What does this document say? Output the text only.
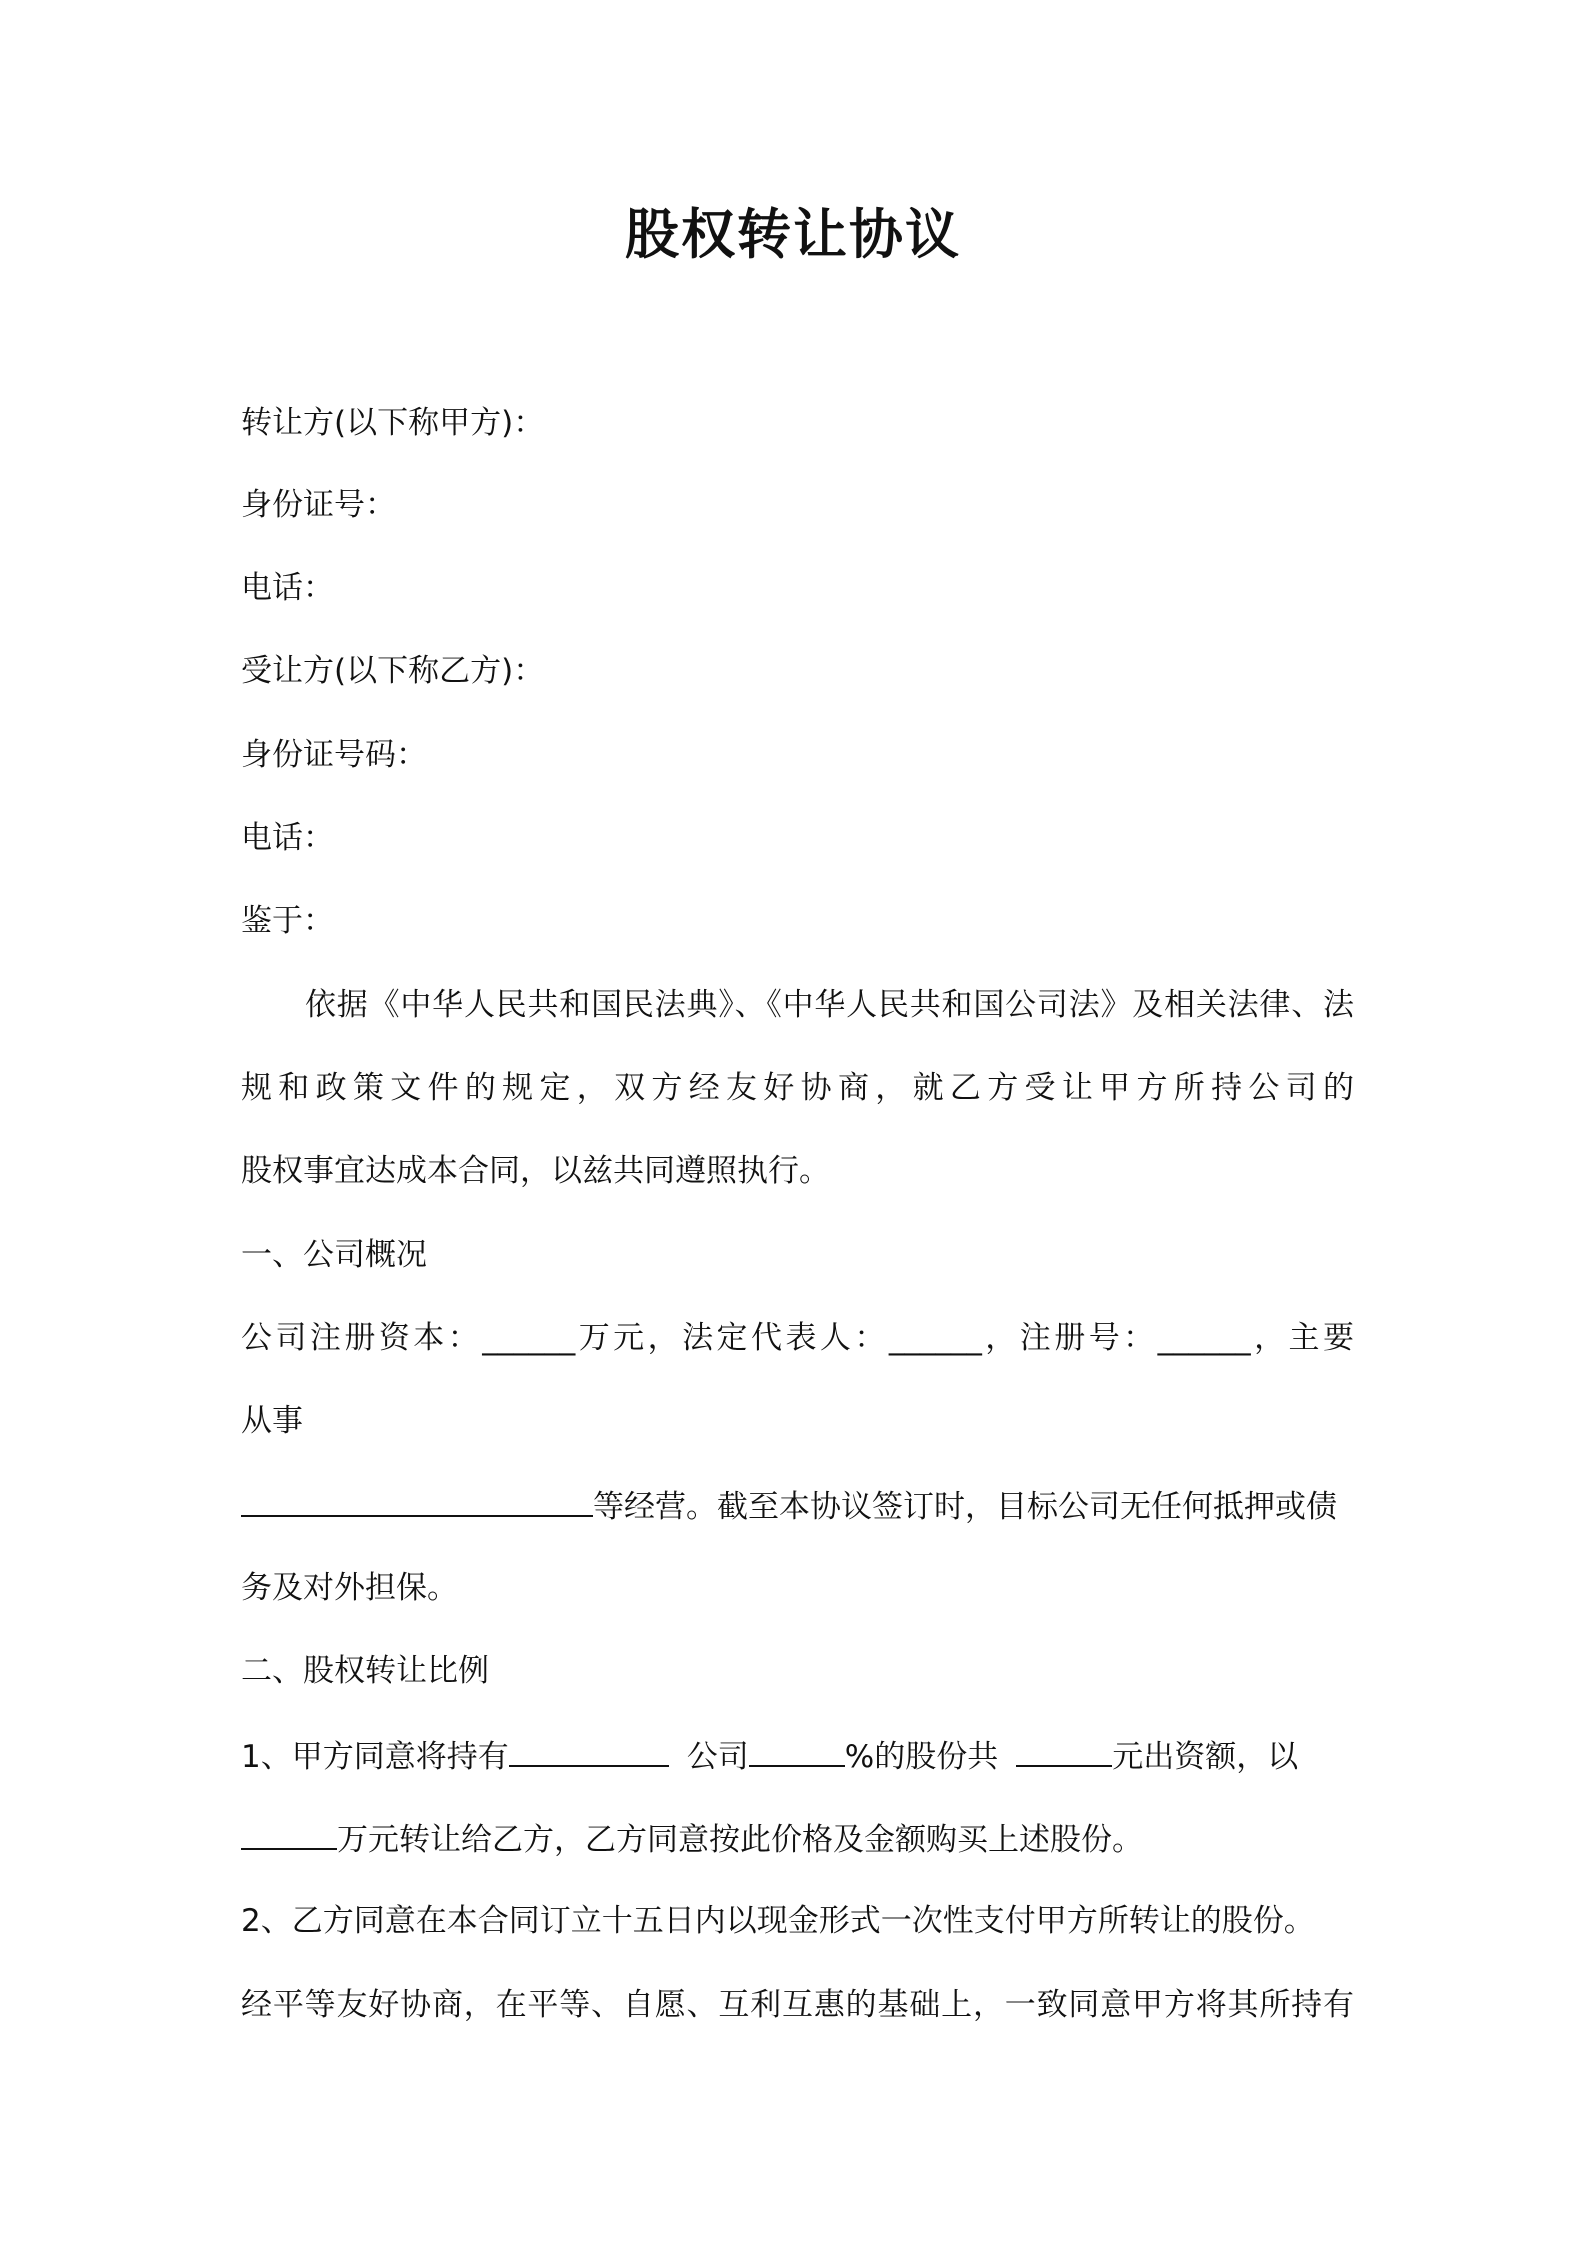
股权转让协议
转让方(以下称甲方)：
身份证号：
电话：
受让方(以下称乙方)：
身份证号码：
电话：
鉴于：
依据《中华人民共和国民法典》、《中华人民共和国公司法》及相关法律、法
规和政策文件的规定，双方经友好协商，就乙方受让甲方所持公司的
股权事宜达成本合同，以兹共同遵照执行。
一、公司概况
公司注册资本：______万元，法定代表人：______，注册号：______，主要
从事
等经营。截至本协议签订时，目标公司无任何抵押或债
务及对外担保。
二、股权转让比例
1、甲方同意将持有	公司	%的股份共	元出资额，以
万元转让给乙方，乙方同意按此价格及金额购买上述股份。
2、乙方同意在本合同订立十五日内以现金形式一次性支付甲方所转让的股份。
经平等友好协商，在平等、自愿、互利互惠的基础上，一致同意甲方将其所持有
